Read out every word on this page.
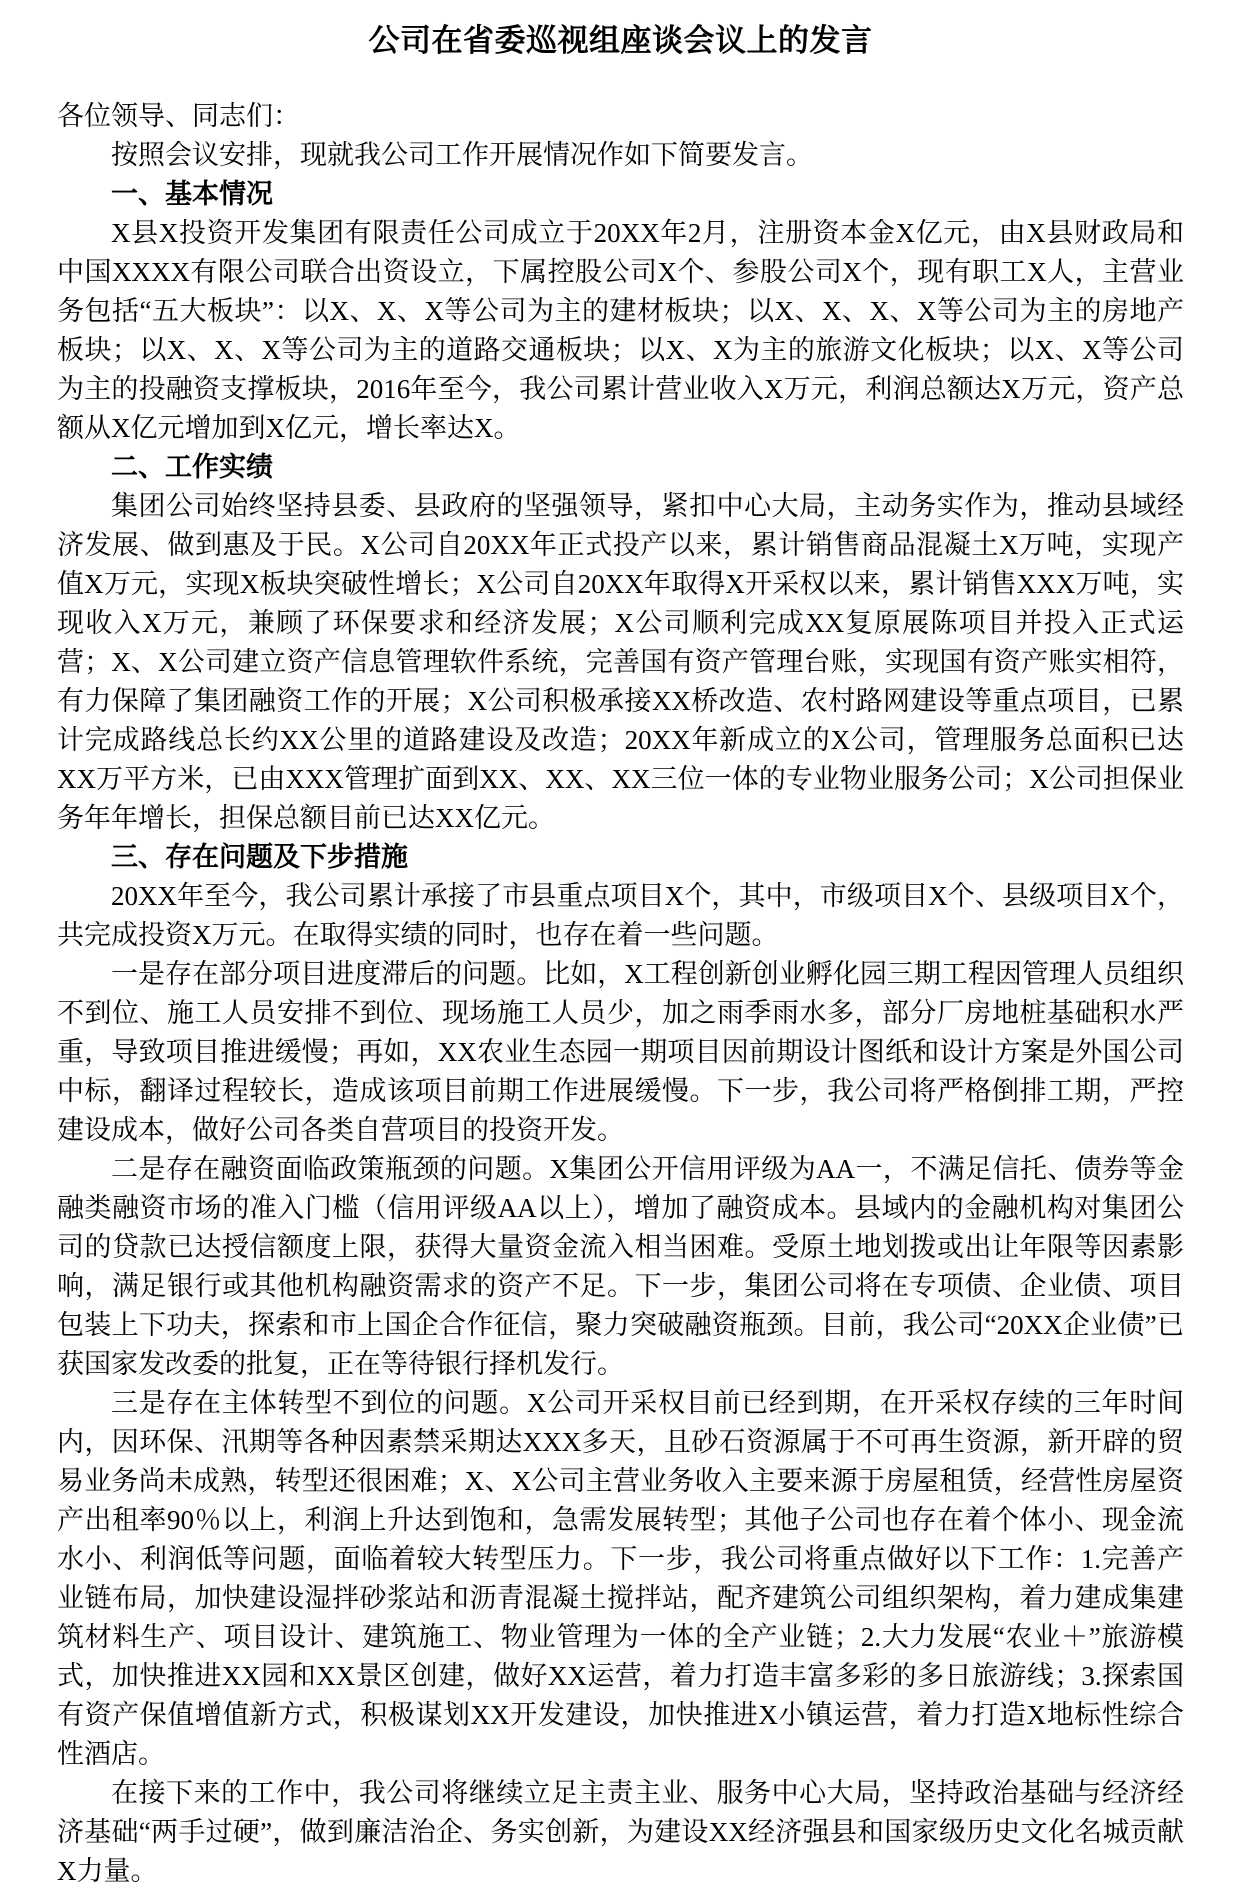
公司在省委巡视组座谈会议上的发言

各位领导、同志们：

按照会议安排，现就我公司工作开展情况作如下简要发言。

一、基本情况

X县X投资开发集团有限责任公司成立于20XX年2月，注册资本金X亿元，由X县财政局和中国XXXX有限公司联合出资设立，下属控股公司X个、参股公司X个，现有职工X人，主营业务包括“五大板块”：以X、X、X等公司为主的建材板块；以X、X、X、X等公司为主的房地产板块；以X、X、X等公司为主的道路交通板块；以X、X为主的旅游文化板块；以X、X等公司为主的投融资支撑板块，2016年至今，我公司累计营业收入X万元，利润总额达X万元，资产总额从X亿元增加到X亿元，增长率达X。

二、工作实绩

集团公司始终坚持县委、县政府的坚强领导，紧扣中心大局，主动务实作为，推动县域经济发展、做到惠及于民。X公司自20XX年正式投产以来，累计销售商品混凝土X万吨，实现产值X万元，实现X板块突破性增长；X公司自20XX年取得X开采权以来，累计销售XXX万吨，实现收入X万元，兼顾了环保要求和经济发展；X公司顺利完成XX复原展陈项目并投入正式运营；X、X公司建立资产信息管理软件系统，完善国有资产管理台账，实现国有资产账实相符，有力保障了集团融资工作的开展；X公司积极承接XX桥改造、农村路网建设等重点项目，已累计完成路线总长约XX公里的道路建设及改造；20XX年新成立的X公司，管理服务总面积已达XX万平方米，已由XXX管理扩面到XX、XX、XX三位一体的专业物业服务公司；X公司担保业务年年增长，担保总额目前已达XX亿元。

三、存在问题及下步措施

20XX年至今，我公司累计承接了市县重点项目X个，其中，市级项目X个、县级项目X个，共完成投资X万元。在取得实绩的同时，也存在着一些问题。

一是存在部分项目进度滞后的问题。比如，X工程创新创业孵化园三期工程因管理人员组织不到位、施工人员安排不到位、现场施工人员少，加之雨季雨水多，部分厂房地桩基础积水严重，导致项目推进缓慢；再如，XX农业生态园一期项目因前期设计图纸和设计方案是外国公司中标，翻译过程较长，造成该项目前期工作进展缓慢。下一步，我公司将严格倒排工期，严控建设成本，做好公司各类自营项目的投资开发。

二是存在融资面临政策瓶颈的问题。X集团公开信用评级为AA一，不满足信托、债券等金融类融资市场的准入门槛（信用评级AA以上），增加了融资成本。县域内的金融机构对集团公司的贷款已达授信额度上限，获得大量资金流入相当困难。受原土地划拨或出让年限等因素影响，满足银行或其他机构融资需求的资产不足。下一步，集团公司将在专项债、企业债、项目包装上下功夫，探索和市上国企合作征信，聚力突破融资瓶颈。目前，我公司“20XX企业债”已获国家发改委的批复，正在等待银行择机发行。

三是存在主体转型不到位的问题。X公司开采权目前已经到期，在开采权存续的三年时间内，因环保、汛期等各种因素禁采期达XXX多天，且砂石资源属于不可再生资源，新开辟的贸易业务尚未成熟，转型还很困难；X、X公司主营业务收入主要来源于房屋租赁，经营性房屋资产出租率90％以上，利润上升达到饱和，急需发展转型；其他子公司也存在着个体小、现金流水小、利润低等问题，面临着较大转型压力。下一步，我公司将重点做好以下工作：1.完善产业链布局，加快建设湿拌砂浆站和沥青混凝土搅拌站，配齐建筑公司组织架构，着力建成集建筑材料生产、项目设计、建筑施工、物业管理为一体的全产业链；2.大力发展“农业＋”旅游模式，加快推进XX园和XX景区创建，做好XX运营，着力打造丰富多彩的多日旅游线；3.探索国有资产保值增值新方式，积极谋划XX开发建设，加快推进X小镇运营，着力打造X地标性综合性酒店。

在接下来的工作中，我公司将继续立足主责主业、服务中心大局，坚持政治基础与经济经济基础“两手过硬”，做到廉洁治企、务实创新，为建设XX经济强县和国家级历史文化名城贡献X力量。
